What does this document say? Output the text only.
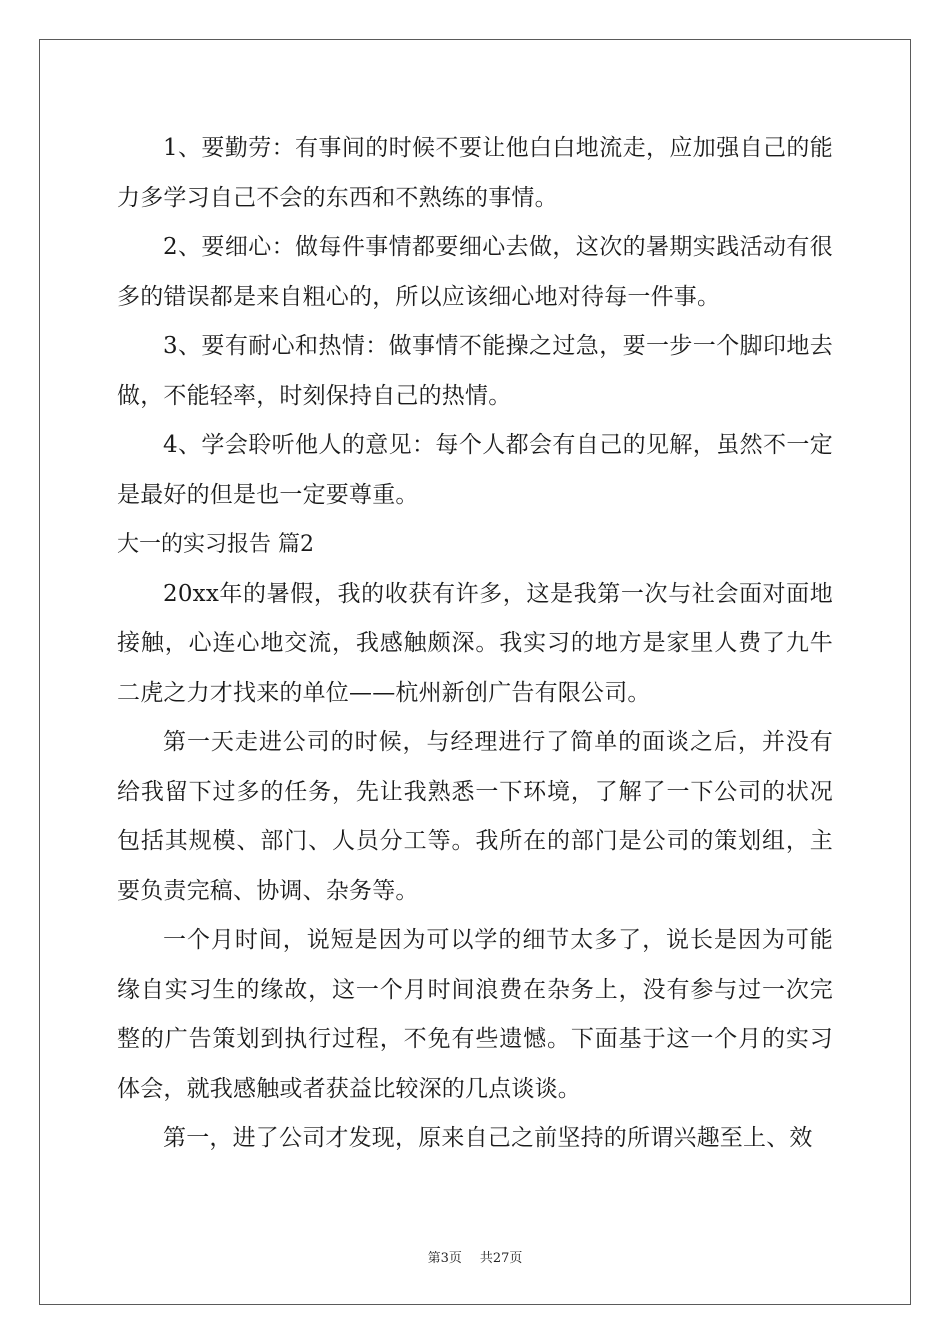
1、要勤劳：有事间的时候不要让他白白地流走，应加强自己的能力多学习自己不会的东西和不熟练的事情。

2、要细心：做每件事情都要细心去做，这次的暑期实践活动有很多的错误都是来自粗心的，所以应该细心地对待每一件事。

3、要有耐心和热情：做事情不能操之过急，要一步一个脚印地去做，不能轻率，时刻保持自己的热情。

4、学会聆听他人的意见：每个人都会有自己的见解，虽然不一定是最好的但是也一定要尊重。

大一的实习报告 篇2

20xx年的暑假，我的收获有许多，这是我第一次与社会面对面地接触，心连心地交流，我感触颇深。我实习的地方是家里人费了九牛二虎之力才找来的单位——杭州新创广告有限公司。

第一天走进公司的时候，与经理进行了简单的面谈之后，并没有给我留下过多的任务，先让我熟悉一下环境，了解了一下公司的状况包括其规模、部门、人员分工等。我所在的部门是公司的策划组，主要负责完稿、协调、杂务等。

一个月时间，说短是因为可以学的细节太多了，说长是因为可能缘自实习生的缘故，这一个月时间浪费在杂务上，没有参与过一次完整的广告策划到执行过程，不免有些遗憾。下面基于这一个月的实习体会，就我感触或者获益比较深的几点谈谈。

第一，进了公司才发现，原来自己之前坚持的所谓兴趣至上、效

第3页 共27页
